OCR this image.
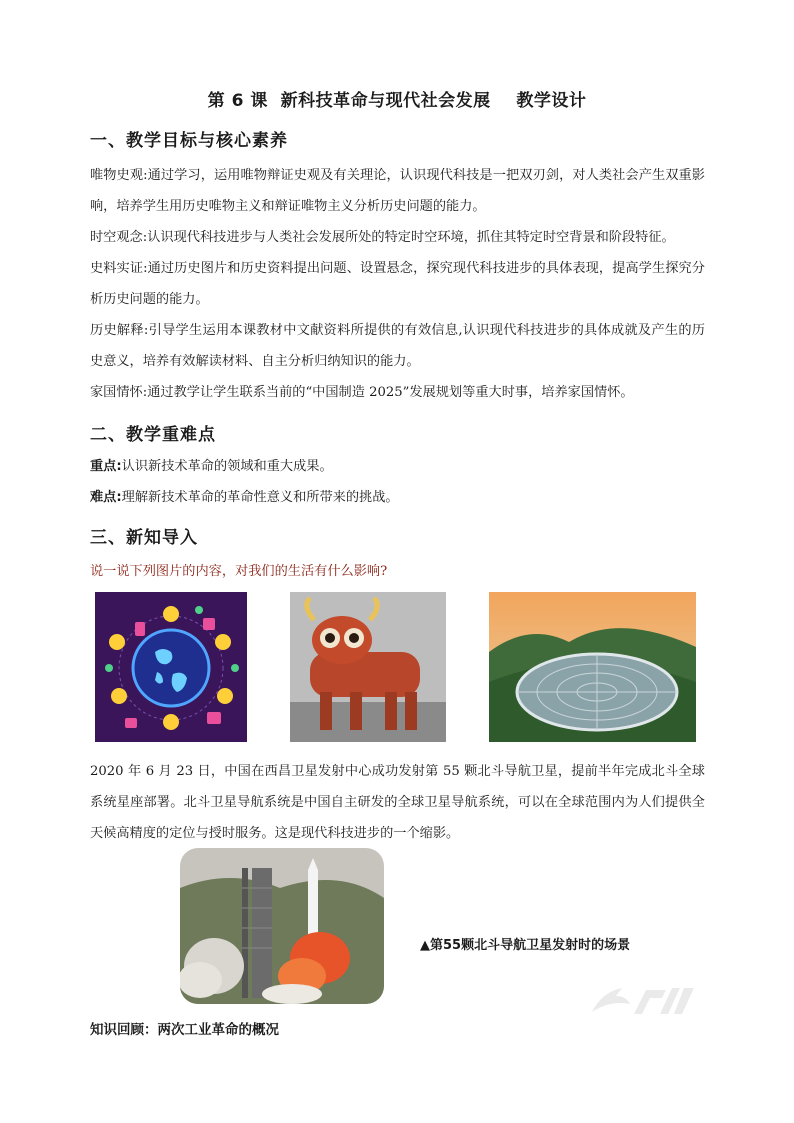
第 6 课  新科技革命与现代社会发展    教学设计
一、教学目标与核心素养
唯物史观:通过学习，运用唯物辩证史观及有关理论，认识现代科技是一把双刃剑，对人类社会产生双重影响，培养学生用历史唯物主义和辩证唯物主义分析历史问题的能力。
时空观念:认识现代科技进步与人类社会发展所处的特定时空环境，抓住其特定时空背景和阶段特征。
史料实证:通过历史图片和历史资料提出问题、设置悬念，探究现代科技进步的具体表现，提高学生探究分析历史问题的能力。
历史解释:引导学生运用本课教材中文献资料所提供的有效信息,认识现代科技进步的具体成就及产生的历史意义，培养有效解读材料、自主分析归纳知识的能力。
家国情怀:通过教学让学生联系当前的“中国制造 2025”发展规划等重大时事，培养家国情怀。
二、教学重难点
重点:认识新技术革命的领域和重大成果。
难点:理解新技术革命的革命性意义和所带来的挑战。
三、新知导入
说一说下列图片的内容，对我们的生活有什么影响?
2020 年 6 月 23 日，中国在西昌卫星发射中心成功发射第 55 颗北斗导航卫星，提前半年完成北斗全球系统星座部署。北斗卫星导航系统是中国自主研发的全球卫星导航系统，可以在全球范围内为人们提供全天候高精度的定位与授时服务。这是现代科技进步的一个缩影。
▲第55颗北斗导航卫星发射时的场景
知识回顾：两次工业革命的概况
